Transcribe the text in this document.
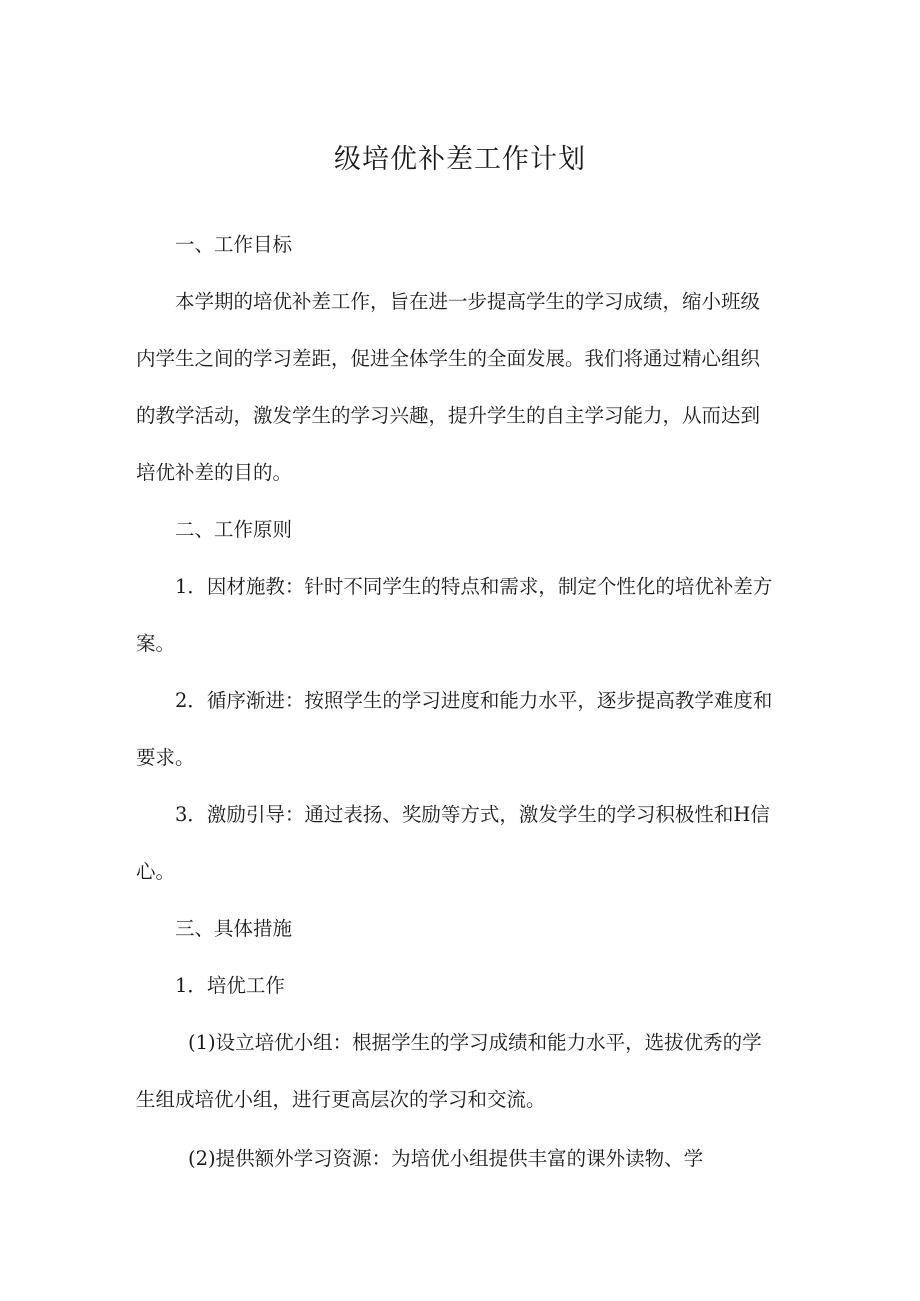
级培优补差工作计划
一、工作目标
本学期的培优补差工作，旨在进一步提高学生的学习成绩，缩小班级
内学生之间的学习差距，促进全体学生的全面发展。我们将通过精心组织
的教学活动，激发学生的学习兴趣，提升学生的自主学习能力，从而达到
培优补差的目的。
二、工作原则
1．因材施教：针时不同学生的特点和需求，制定个性化的培优补差方
案。
2．循序渐进：按照学生的学习进度和能力水平，逐步提高教学难度和
要求。
3．激励引导：通过表扬、奖励等方式，激发学生的学习积极性和H信
心。
三、具体措施
1．培优工作
(1)设立培优小组：根据学生的学习成绩和能力水平，选拔优秀的学
生组成培优小组，进行更高层次的学习和交流。
(2)提供额外学习资源：为培优小组提供丰富的课外读物、学
